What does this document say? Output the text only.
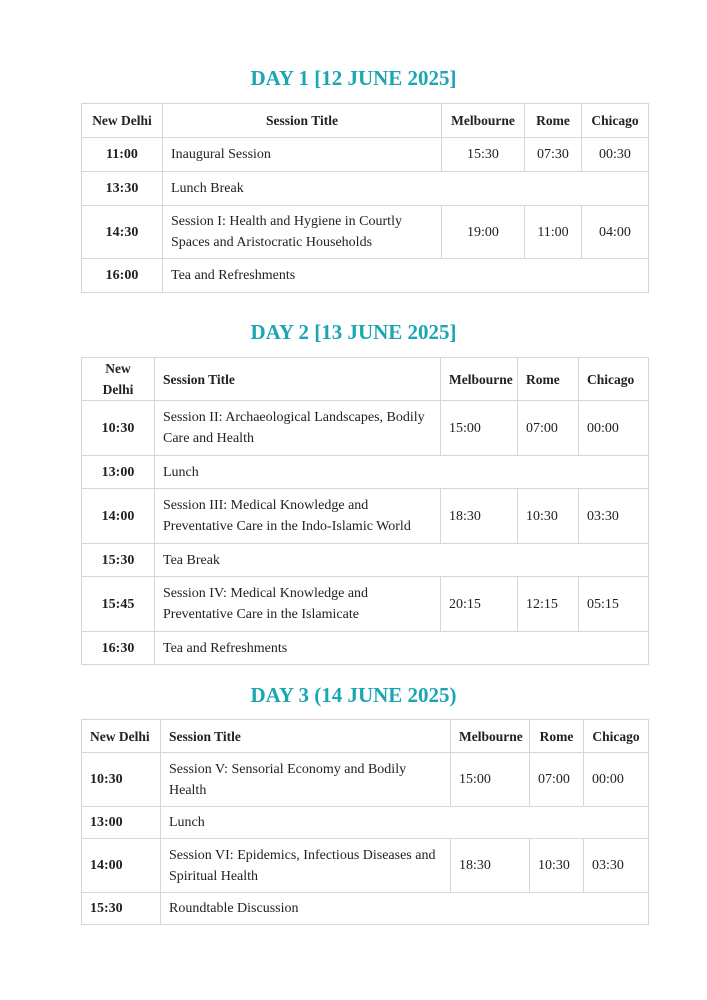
DAY 1 [12 JUNE 2025]
New Delhi	Session Title	Melbourne	Rome	Chicago
11:00	Inaugural Session	15:30	07:30	00:30
13:30	Lunch Break			
14:30	Session I: Health and Hygiene in Courtly Spaces and Aristocratic Households	19:00	11:00	04:00
16:00	Tea and Refreshments			
DAY 2 [13 JUNE 2025]
New Delhi	Session Title	Melbourne	Rome	Chicago
10:30	Session II: Archaeological Landscapes, Bodily Care and Health	15:00	07:00	00:00
13:00	Lunch			
14:00	Session III: Medical Knowledge and Preventative Care in the Indo-Islamic World	18:30	10:30	03:30
15:30	Tea Break			
15:45	Session IV: Medical Knowledge and Preventative Care in the Islamicate	20:15	12:15	05:15
16:30	Tea and Refreshments			
DAY 3 (14 JUNE 2025)
New Delhi	Session Title	Melbourne	Rome	Chicago
10:30	Session V: Sensorial Economy and Bodily Health	15:00	07:00	00:00
13:00	Lunch			
14:00	Session VI: Epidemics, Infectious Diseases and Spiritual Health	18:30	10:30	03:30
15:30	Roundtable Discussion			
